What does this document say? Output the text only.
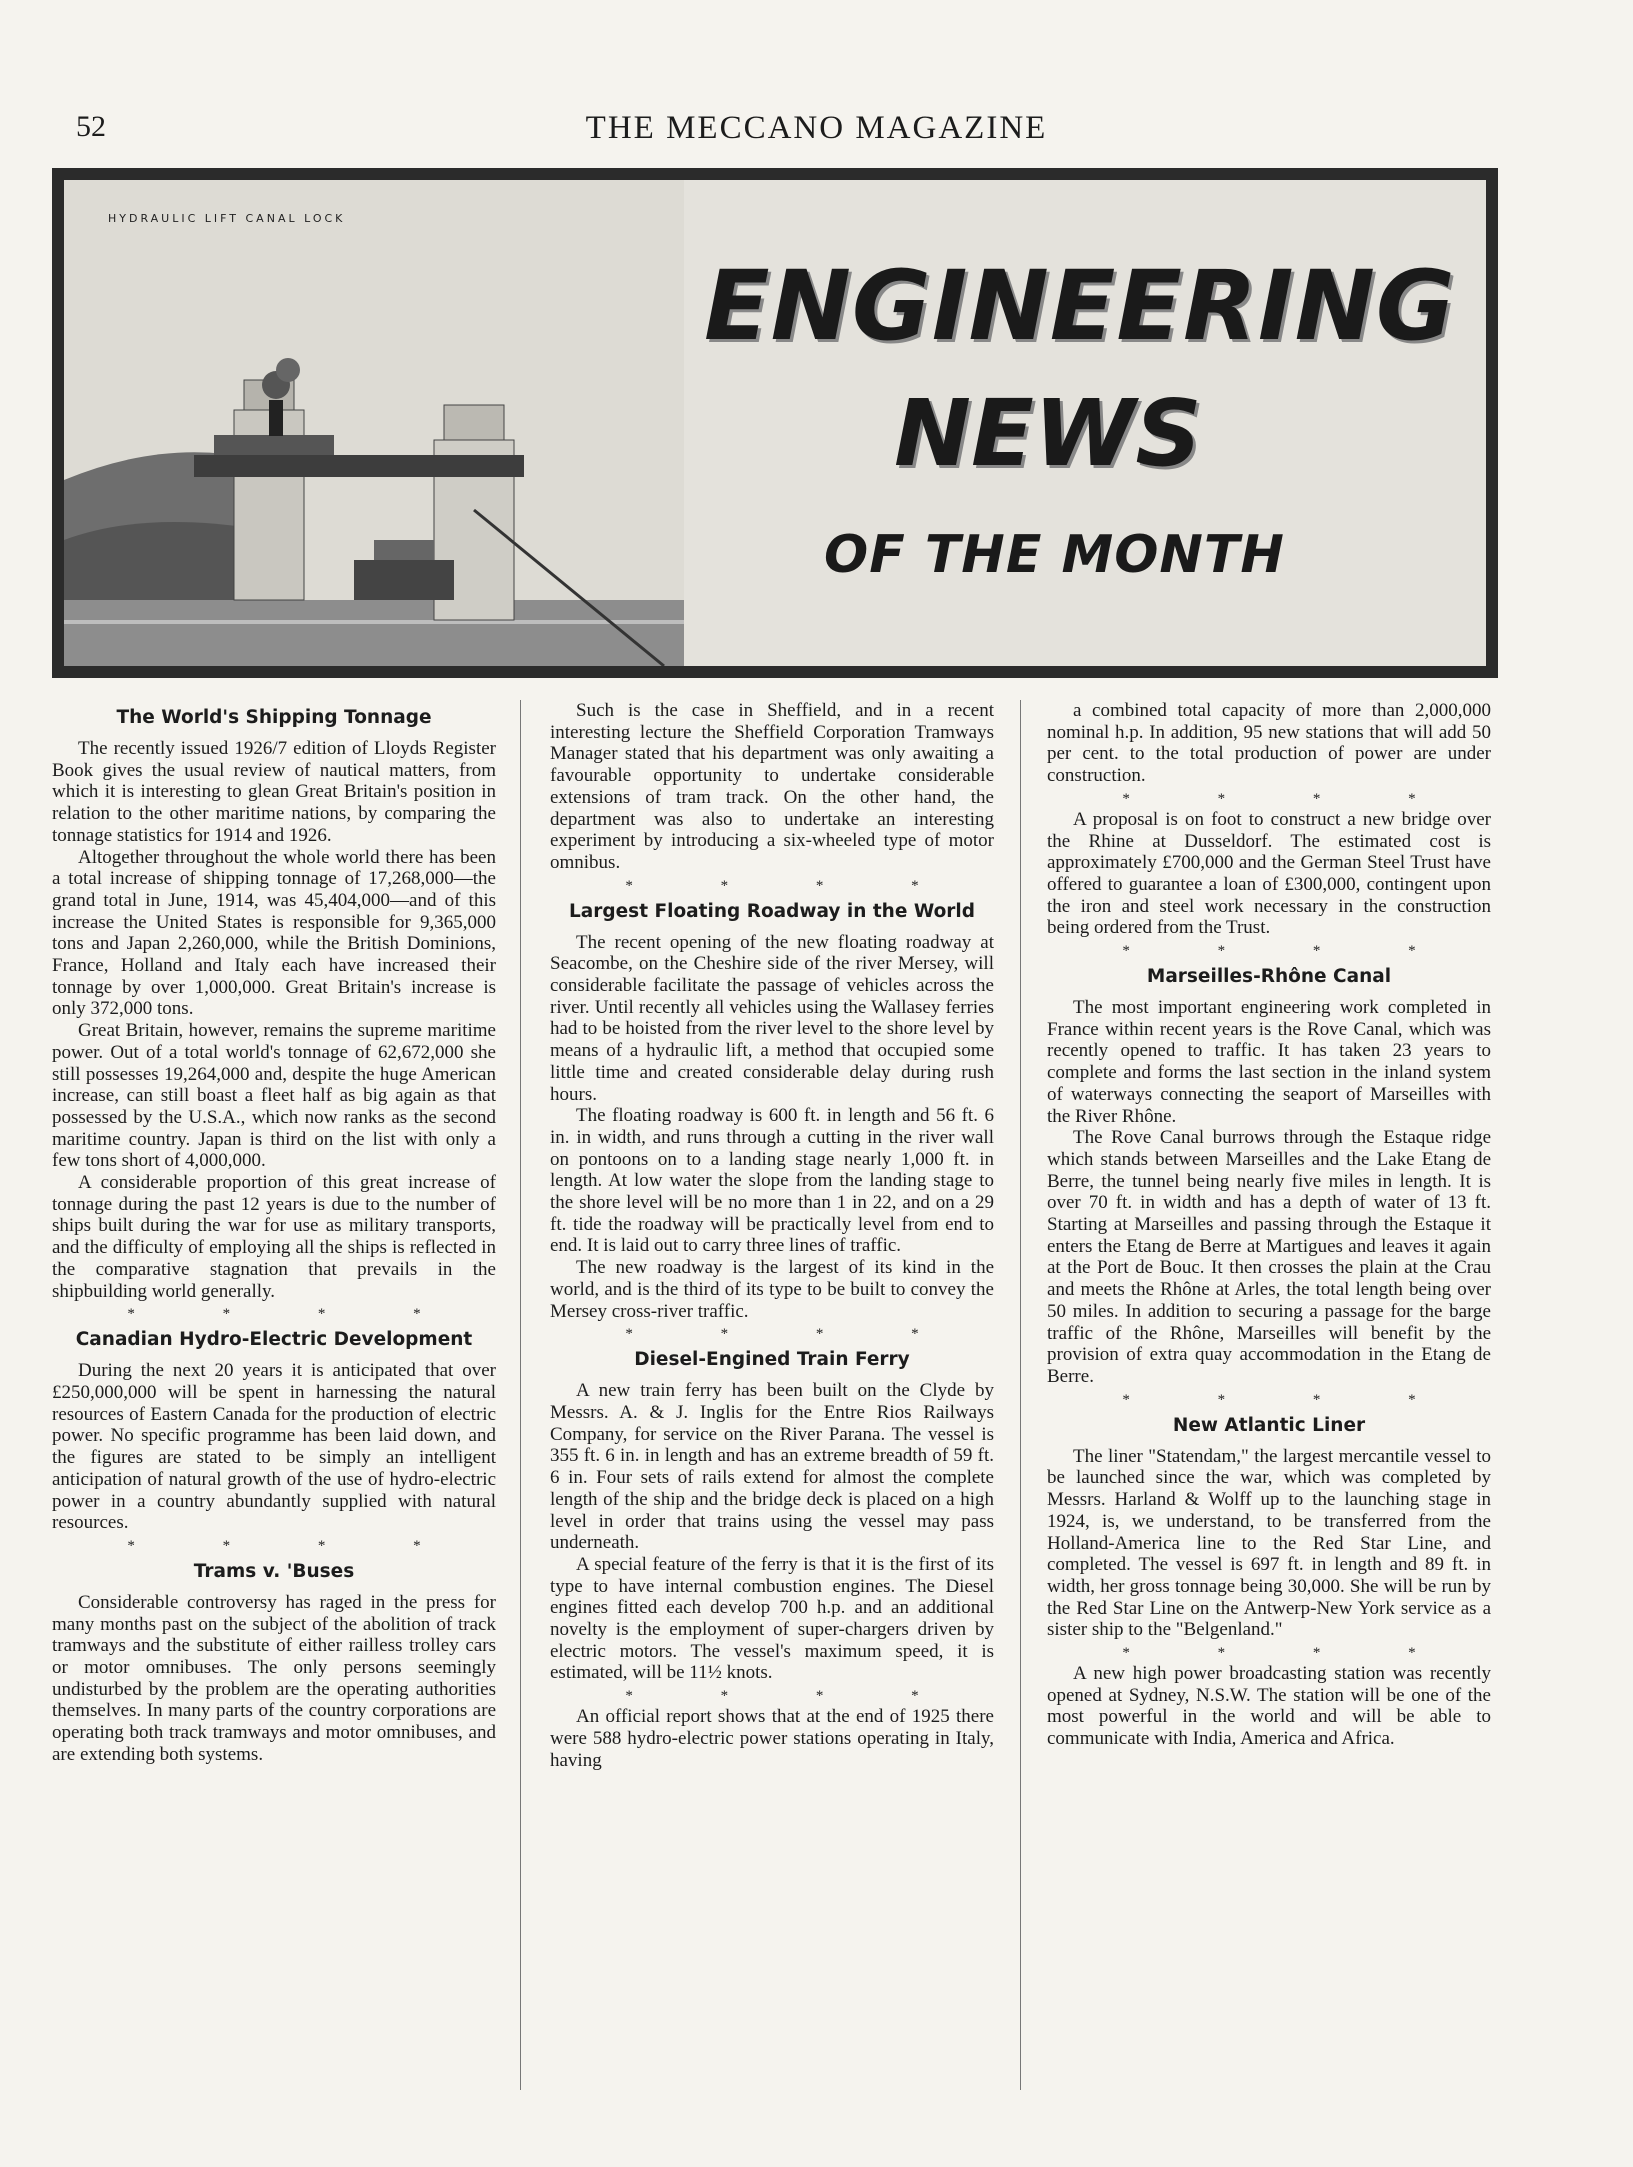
52	THE MECCANO MAGAZINE
HYDRAULIC LIFT CANAL LOCK
ENGINEERING
NEWS
OF THE MONTH
The World's Shipping Tonnage

The recently issued 1926/7 edition of Lloyds Register Book gives the usual review of nautical matters, from which it is interesting to glean Great Britain's position in relation to the other maritime nations, by comparing the tonnage statistics for 1914 and 1926.

Altogether throughout the whole world there has been a total increase of shipping tonnage of 17,268,000—the grand total in June, 1914, was 45,404,000—and of this increase the United States is responsible for 9,365,000 tons and Japan 2,260,000, while the British Dominions, France, Holland and Italy each have increased their tonnage by over 1,000,000. Great Britain's increase is only 372,000 tons.

Great Britain, however, remains the supreme maritime power. Out of a total world's tonnage of 62,672,000 she still possesses 19,264,000 and, despite the huge American increase, can still boast a fleet half as big again as that possessed by the U.S.A., which now ranks as the second maritime country. Japan is third on the list with only a few tons short of 4,000,000.

A considerable proportion of this great increase of tonnage during the past 12 years is due to the number of ships built during the war for use as military transports, and the difficulty of employing all the ships is reflected in the comparative stagnation that prevails in the shipbuilding world generally.

* * * *
Canadian Hydro-Electric Development

During the next 20 years it is anticipated that over £250,000,000 will be spent in harnessing the natural resources of Eastern Canada for the production of electric power. No specific programme has been laid down, and the figures are stated to be simply an intelligent anticipation of natural growth of the use of hydro-electric power in a country abundantly supplied with natural resources.

* * * *
Trams v. 'Buses

Considerable controversy has raged in the press for many months past on the subject of the abolition of track tramways and the substitute of either railless trolley cars or motor omnibuses. The only persons seemingly undisturbed by the problem are the operating authorities themselves. In many parts of the country corporations are operating both track tramways and motor omnibuses, and are extending both systems.

Such is the case in Sheffield, and in a recent interesting lecture the Sheffield Corporation Tramways Manager stated that his department was only awaiting a favourable opportunity to undertake considerable extensions of tram track. On the other hand, the department was also to undertake an interesting experiment by introducing a six-wheeled type of motor omnibus.

* * * *
Largest Floating Roadway in the World

The recent opening of the new floating roadway at Seacombe, on the Cheshire side of the river Mersey, will considerable facilitate the passage of vehicles across the river. Until recently all vehicles using the Wallasey ferries had to be hoisted from the river level to the shore level by means of a hydraulic lift, a method that occupied some little time and created considerable delay during rush hours.

The floating roadway is 600 ft. in length and 56 ft. 6 in. in width, and runs through a cutting in the river wall on pontoons on to a landing stage nearly 1,000 ft. in length. At low water the slope from the landing stage to the shore level will be no more than 1 in 22, and on a 29 ft. tide the roadway will be practically level from end to end. It is laid out to carry three lines of traffic.

The new roadway is the largest of its kind in the world, and is the third of its type to be built to convey the Mersey cross-river traffic.

* * * *
Diesel-Engined Train Ferry

A new train ferry has been built on the Clyde by Messrs. A. & J. Inglis for the Entre Rios Railways Company, for service on the River Parana. The vessel is 355 ft. 6 in. in length and has an extreme breadth of 59 ft. 6 in. Four sets of rails extend for almost the complete length of the ship and the bridge deck is placed on a high level in order that trains using the vessel may pass underneath.

A special feature of the ferry is that it is the first of its type to have internal combustion engines. The Diesel engines fitted each develop 700 h.p. and an additional novelty is the employment of super-chargers driven by electric motors. The vessel's maximum speed, it is estimated, will be 11½ knots.

* * * *

An official report shows that at the end of 1925 there were 588 hydro-electric power stations operating in Italy, having

a combined total capacity of more than 2,000,000 nominal h.p. In addition, 95 new stations that will add 50 per cent. to the total production of power are under construction.

* * * *

A proposal is on foot to construct a new bridge over the Rhine at Dusseldorf. The estimated cost is approximately £700,000 and the German Steel Trust have offered to guarantee a loan of £300,000, contingent upon the iron and steel work necessary in the construction being ordered from the Trust.

* * * *
Marseilles-Rhône Canal

The most important engineering work completed in France within recent years is the Rove Canal, which was recently opened to traffic. It has taken 23 years to complete and forms the last section in the inland system of waterways connecting the seaport of Marseilles with the River Rhône.

The Rove Canal burrows through the Estaque ridge which stands between Marseilles and the Lake Etang de Berre, the tunnel being nearly five miles in length. It is over 70 ft. in width and has a depth of water of 13 ft. Starting at Marseilles and passing through the Estaque it enters the Etang de Berre at Martigues and leaves it again at the Port de Bouc. It then crosses the plain at the Crau and meets the Rhône at Arles, the total length being over 50 miles. In addition to securing a passage for the barge traffic of the Rhône, Marseilles will benefit by the provision of extra quay accommodation in the Etang de Berre.

* * * *
New Atlantic Liner

The liner "Statendam," the largest mercantile vessel to be launched since the war, which was completed by Messrs. Harland & Wolff up to the launching stage in 1924, is, we understand, to be transferred from the Holland-America line to the Red Star Line, and completed. The vessel is 697 ft. in length and 89 ft. in width, her gross tonnage being 30,000. She will be run by the Red Star Line on the Antwerp-New York service as a sister ship to the "Belgenland."

* * * *

A new high power broadcasting station was recently opened at Sydney, N.S.W. The station will be one of the most powerful in the world and will be able to communicate with India, America and Africa.
